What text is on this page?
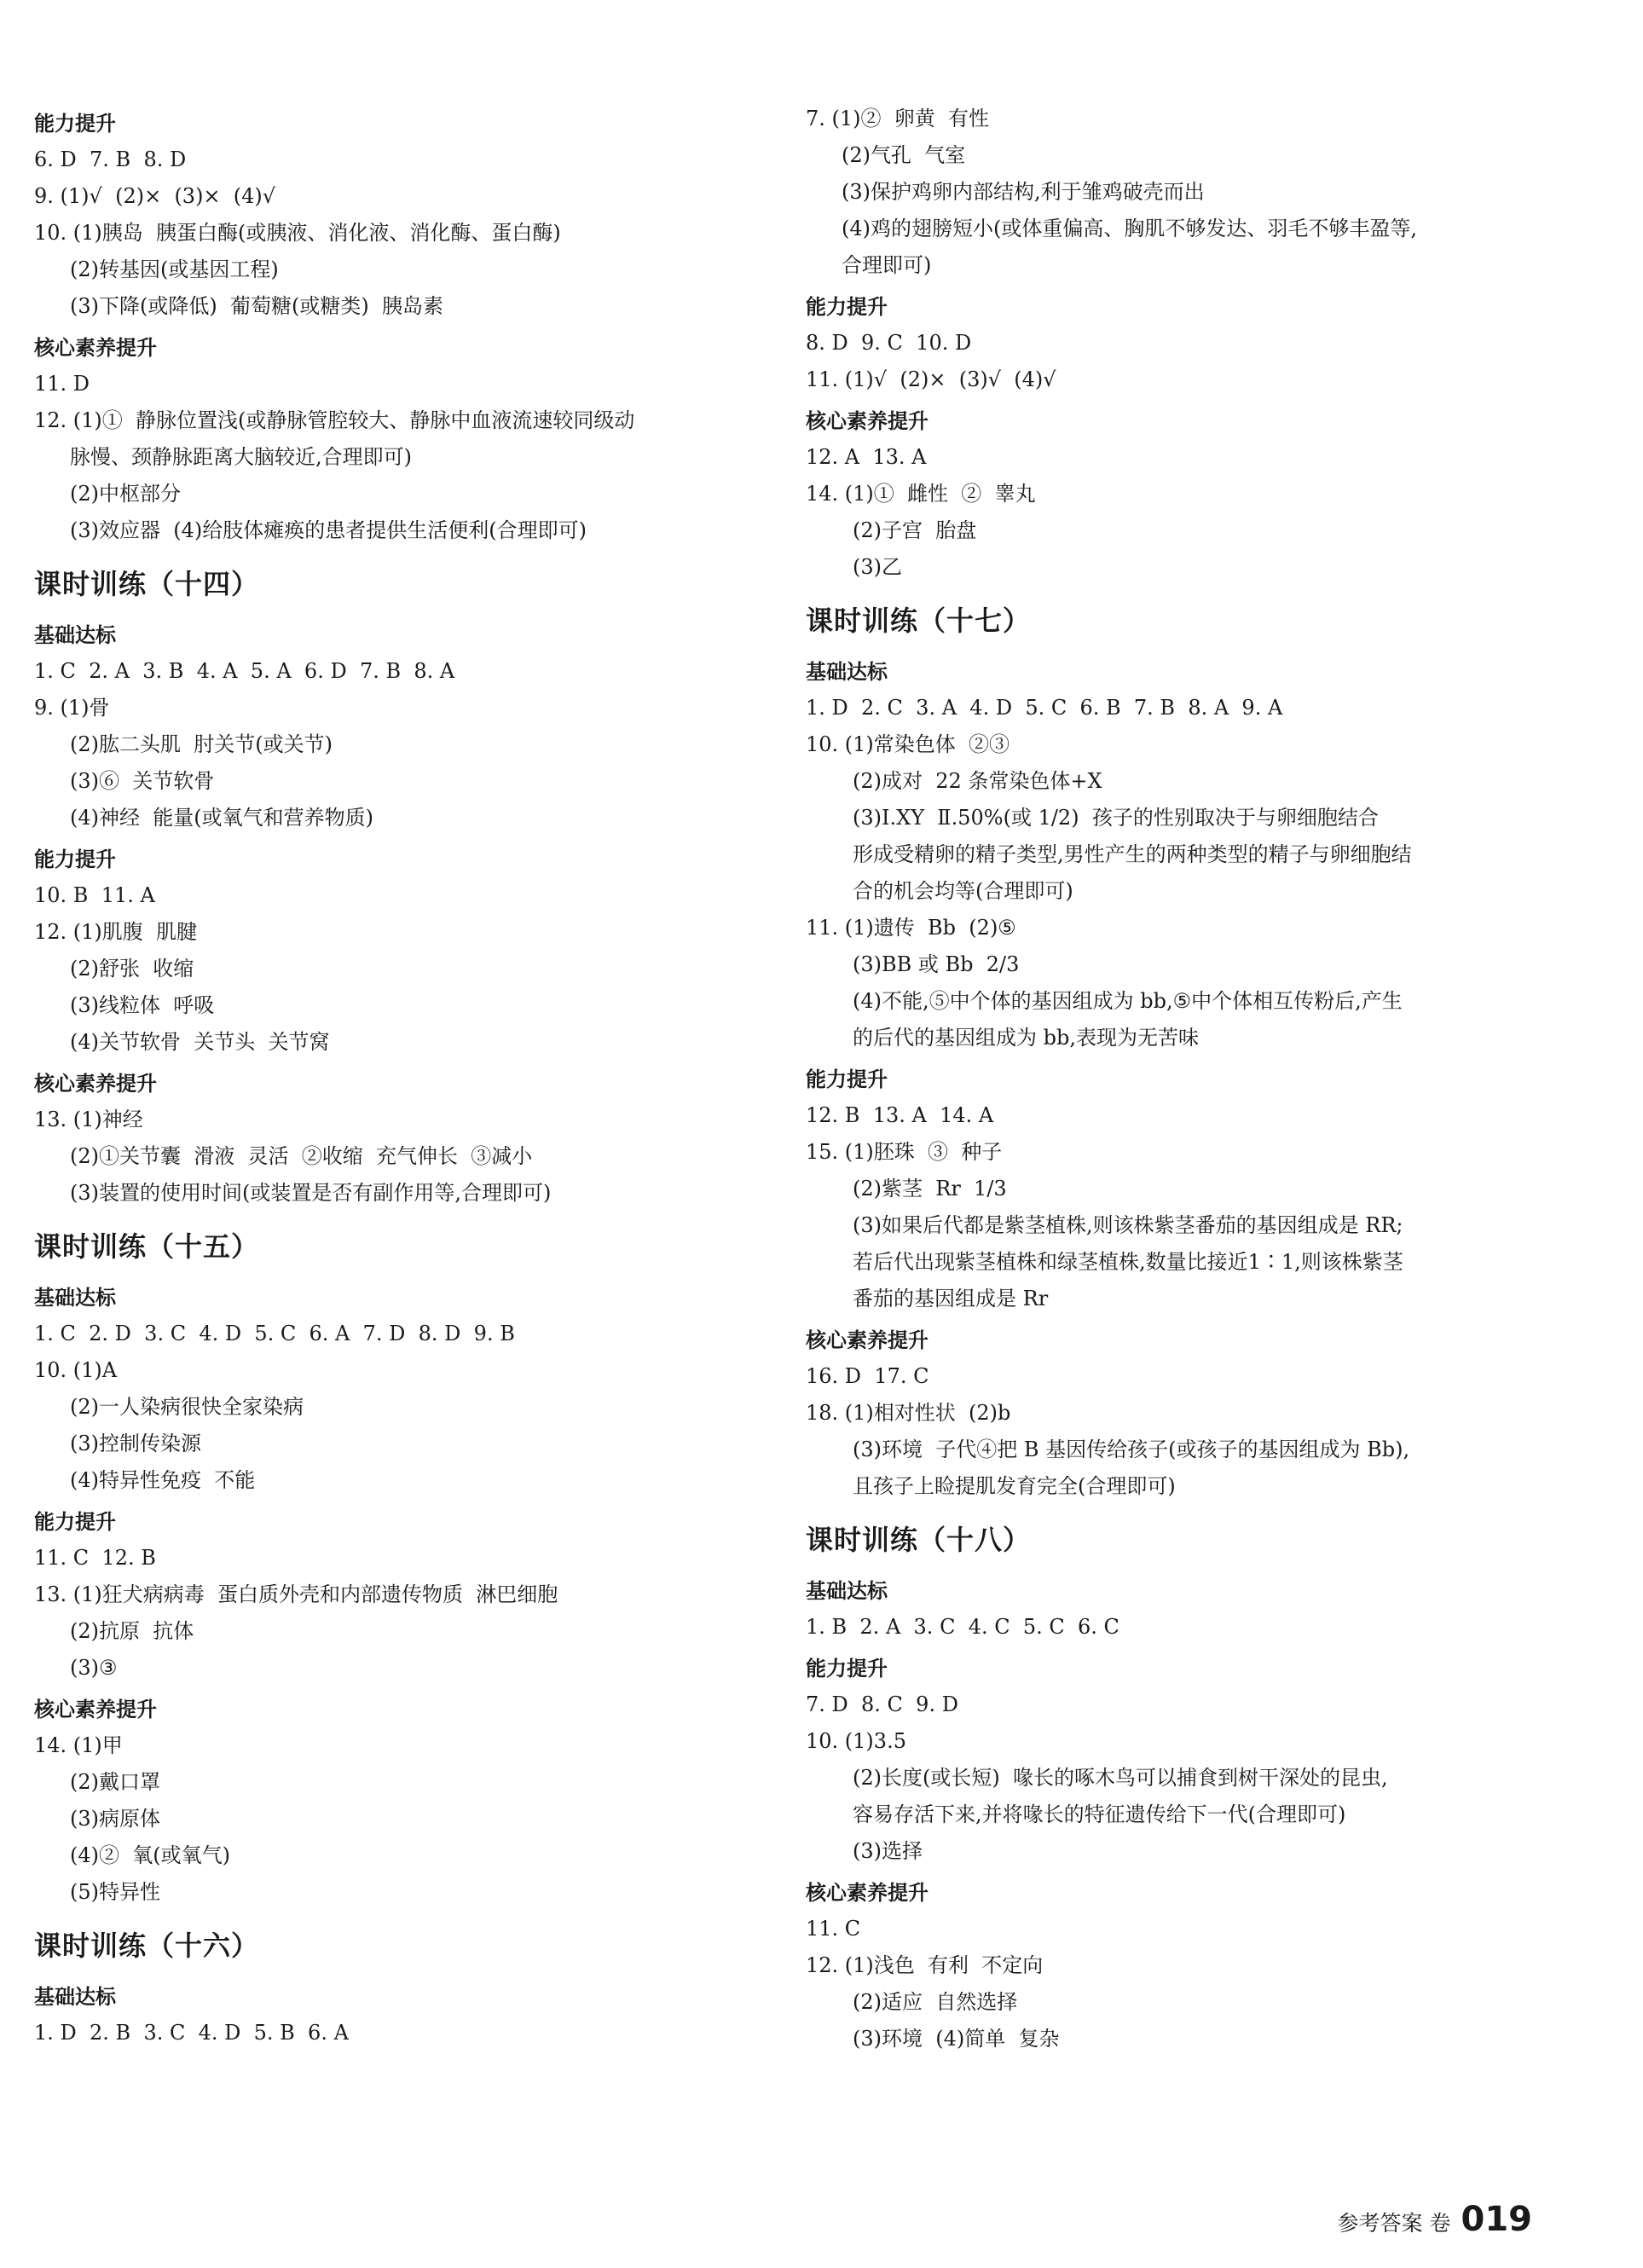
能力提升
6. D  7. B  8. D
9. (1)√  (2)×  (3)×  (4)√
10. (1)胰岛  胰蛋白酶(或胰液、消化液、消化酶、蛋白酶)
(2)转基因(或基因工程)
(3)下降(或降低)  葡萄糖(或糖类)  胰岛素
核心素养提升
11. D
12. (1)①  静脉位置浅(或静脉管腔较大、静脉中血液流速较同级动
脉慢、颈静脉距离大脑较近,合理即可)
(2)中枢部分
(3)效应器  (4)给肢体瘫痪的患者提供生活便利(合理即可)
课时训练（十四）
基础达标
1. C  2. A  3. B  4. A  5. A  6. D  7. B  8. A
9. (1)骨
(2)肱二头肌  肘关节(或关节)
(3)⑥  关节软骨
(4)神经  能量(或氧气和营养物质)
能力提升
10. B  11. A
12. (1)肌腹  肌腱
(2)舒张  收缩
(3)线粒体  呼吸
(4)关节软骨  关节头  关节窝
核心素养提升
13. (1)神经
(2)①关节囊  滑液  灵活  ②收缩  充气伸长  ③减小
(3)装置的使用时间(或装置是否有副作用等,合理即可)
课时训练（十五）
基础达标
1. C  2. D  3. C  4. D  5. C  6. A  7. D  8. D  9. B
10. (1)A
(2)一人染病很快全家染病
(3)控制传染源
(4)特异性免疫  不能
能力提升
11. C  12. B
13. (1)狂犬病病毒  蛋白质外壳和内部遗传物质  淋巴细胞
(2)抗原  抗体
(3)③
核心素养提升
14. (1)甲
(2)戴口罩
(3)病原体
(4)②  氧(或氧气)
(5)特异性
课时训练（十六）
基础达标
1. D  2. B  3. C  4. D  5. B  6. A
7. (1)②  卵黄  有性
(2)气孔  气室
(3)保护鸡卵内部结构,利于雏鸡破壳而出
(4)鸡的翅膀短小(或体重偏高、胸肌不够发达、羽毛不够丰盈等,
合理即可)
能力提升
8. D  9. C  10. D
11. (1)√  (2)×  (3)√  (4)√
核心素养提升
12. A  13. A
14. (1)①  雌性  ②  睾丸
(2)子宫  胎盘
(3)乙
课时训练（十七）
基础达标
1. D  2. C  3. A  4. D  5. C  6. B  7. B  8. A  9. A
10. (1)常染色体  ②③
(2)成对  22 条常染色体+X
(3)Ⅰ.XY  Ⅱ.50%(或 1/2)  孩子的性别取决于与卵细胞结合
形成受精卵的精子类型,男性产生的两种类型的精子与卵细胞结
合的机会均等(合理即可)
11. (1)遗传  Bb  (2)⑤
(3)BB 或 Bb  2/3
(4)不能,⑤中个体的基因组成为 bb,⑤中个体相互传粉后,产生
的后代的基因组成为 bb,表现为无苦味
能力提升
12. B  13. A  14. A
15. (1)胚珠  ③  种子
(2)紫茎  Rr  1/3
(3)如果后代都是紫茎植株,则该株紫茎番茄的基因组成是 RR;
若后代出现紫茎植株和绿茎植株,数量比接近1∶1,则该株紫茎
番茄的基因组成是 Rr
核心素养提升
16. D  17. C
18. (1)相对性状  (2)b
(3)环境  子代④把 B 基因传给孩子(或孩子的基因组成为 Bb),
且孩子上睑提肌发育完全(合理即可)
课时训练（十八）
基础达标
1. B  2. A  3. C  4. C  5. C  6. C
能力提升
7. D  8. C  9. D
10. (1)3.5
(2)长度(或长短)  喙长的啄木鸟可以捕食到树干深处的昆虫,
容易存活下来,并将喙长的特征遗传给下一代(合理即可)
(3)选择
核心素养提升
11. C
12. (1)浅色  有利  不定向
(2)适应  自然选择
(3)环境  (4)简单  复杂
参考答案 卷 019
